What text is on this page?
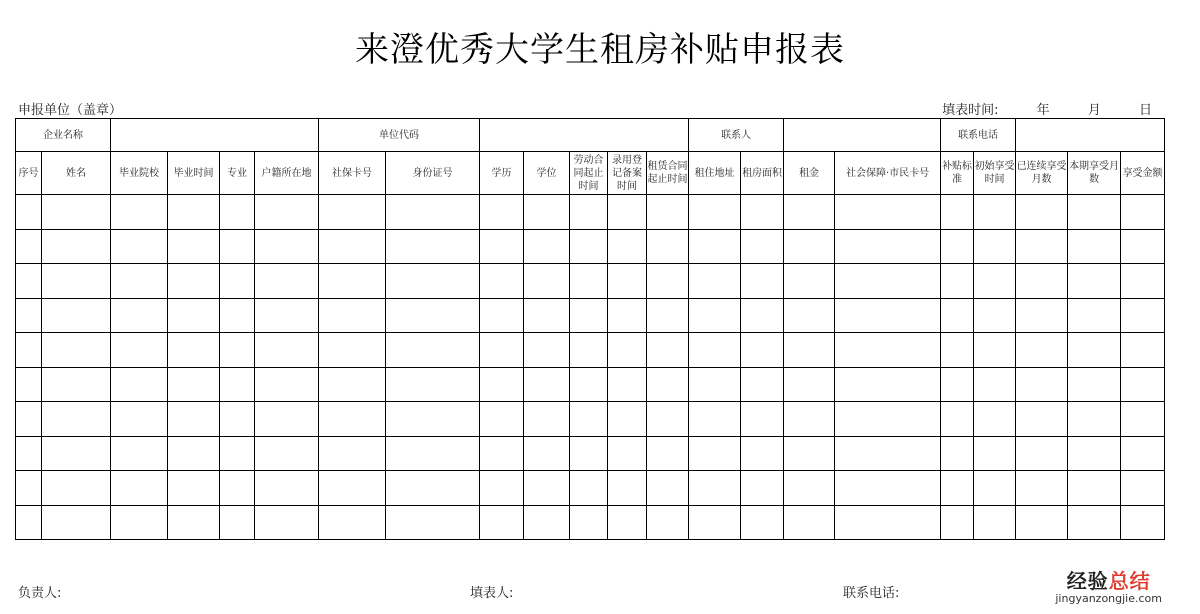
来澄优秀大学生租房补贴申报表
申报单位（盖章）	填表时间:	年	月	日
企业名称						单位代码							联系人				联系电话				
序号	姓名	毕业院校	毕业时间	专业	户籍所在地	社保卡号	身份证号	学历	学位	劳动合同起止时间	录用登记备案时间	租赁合同起止时间	租住地址	租房面积	租金	社会保障·市民卡号	补贴标准	初始享受时间	已连续享受月数	本期享受月数	享受金额

负责人:	填表人:	联系电话:
经验总结
jingyanzongjie.com
